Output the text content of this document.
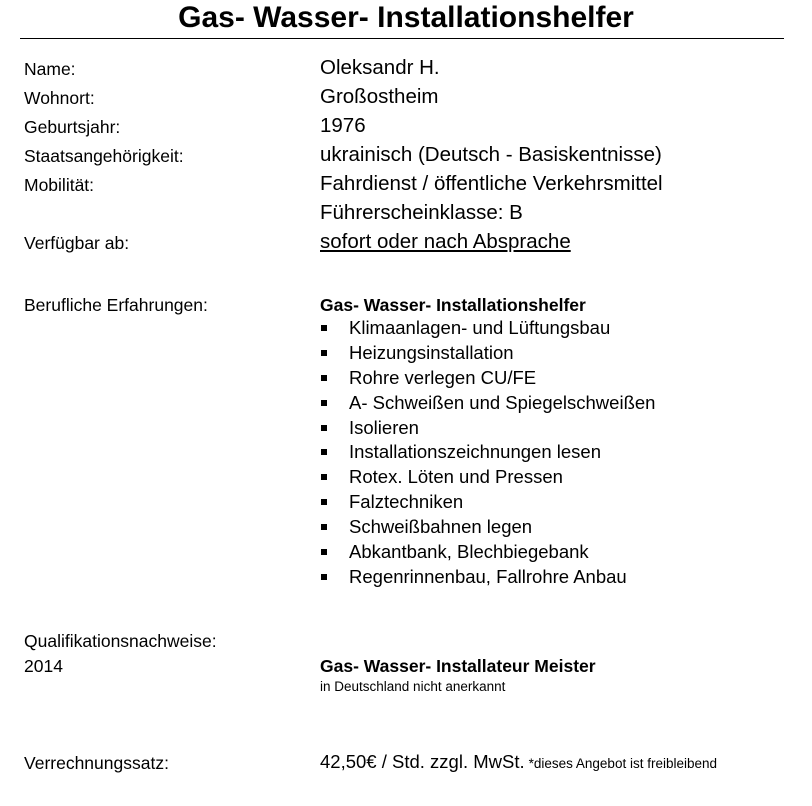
Gas- Wasser- Installationshelfer
Name:	Oleksandr H.
Wohnort:	Großostheim
Geburtsjahr:	1976
Staatsangehörigkeit:	ukrainisch (Deutsch - Basiskentnisse)
Mobilität:	Fahrdienst / öffentliche Verkehrsmittel
Führerscheinklasse: B
Verfügbar ab:	sofort oder nach Absprache
Berufliche Erfahrungen:	Gas- Wasser- Installationshelfer
Klimaanlagen- und Lüftungsbau
Heizungsinstallation
Rohre verlegen CU/FE
A- Schweißen und Spiegelschweißen
Isolieren
Installationszeichnungen lesen
Rotex. Löten und Pressen
Falztechniken
Schweißbahnen legen
Abkantbank, Blechbiegebank
Regenrinnenbau, Fallrohre Anbau
Qualifikationsnachweise:
2014	Gas- Wasser- Installateur Meister
in Deutschland nicht anerkannt
Verrechnungssatz:	42,50€ / Std. zzgl. MwSt. *dieses Angebot ist freibleibend
